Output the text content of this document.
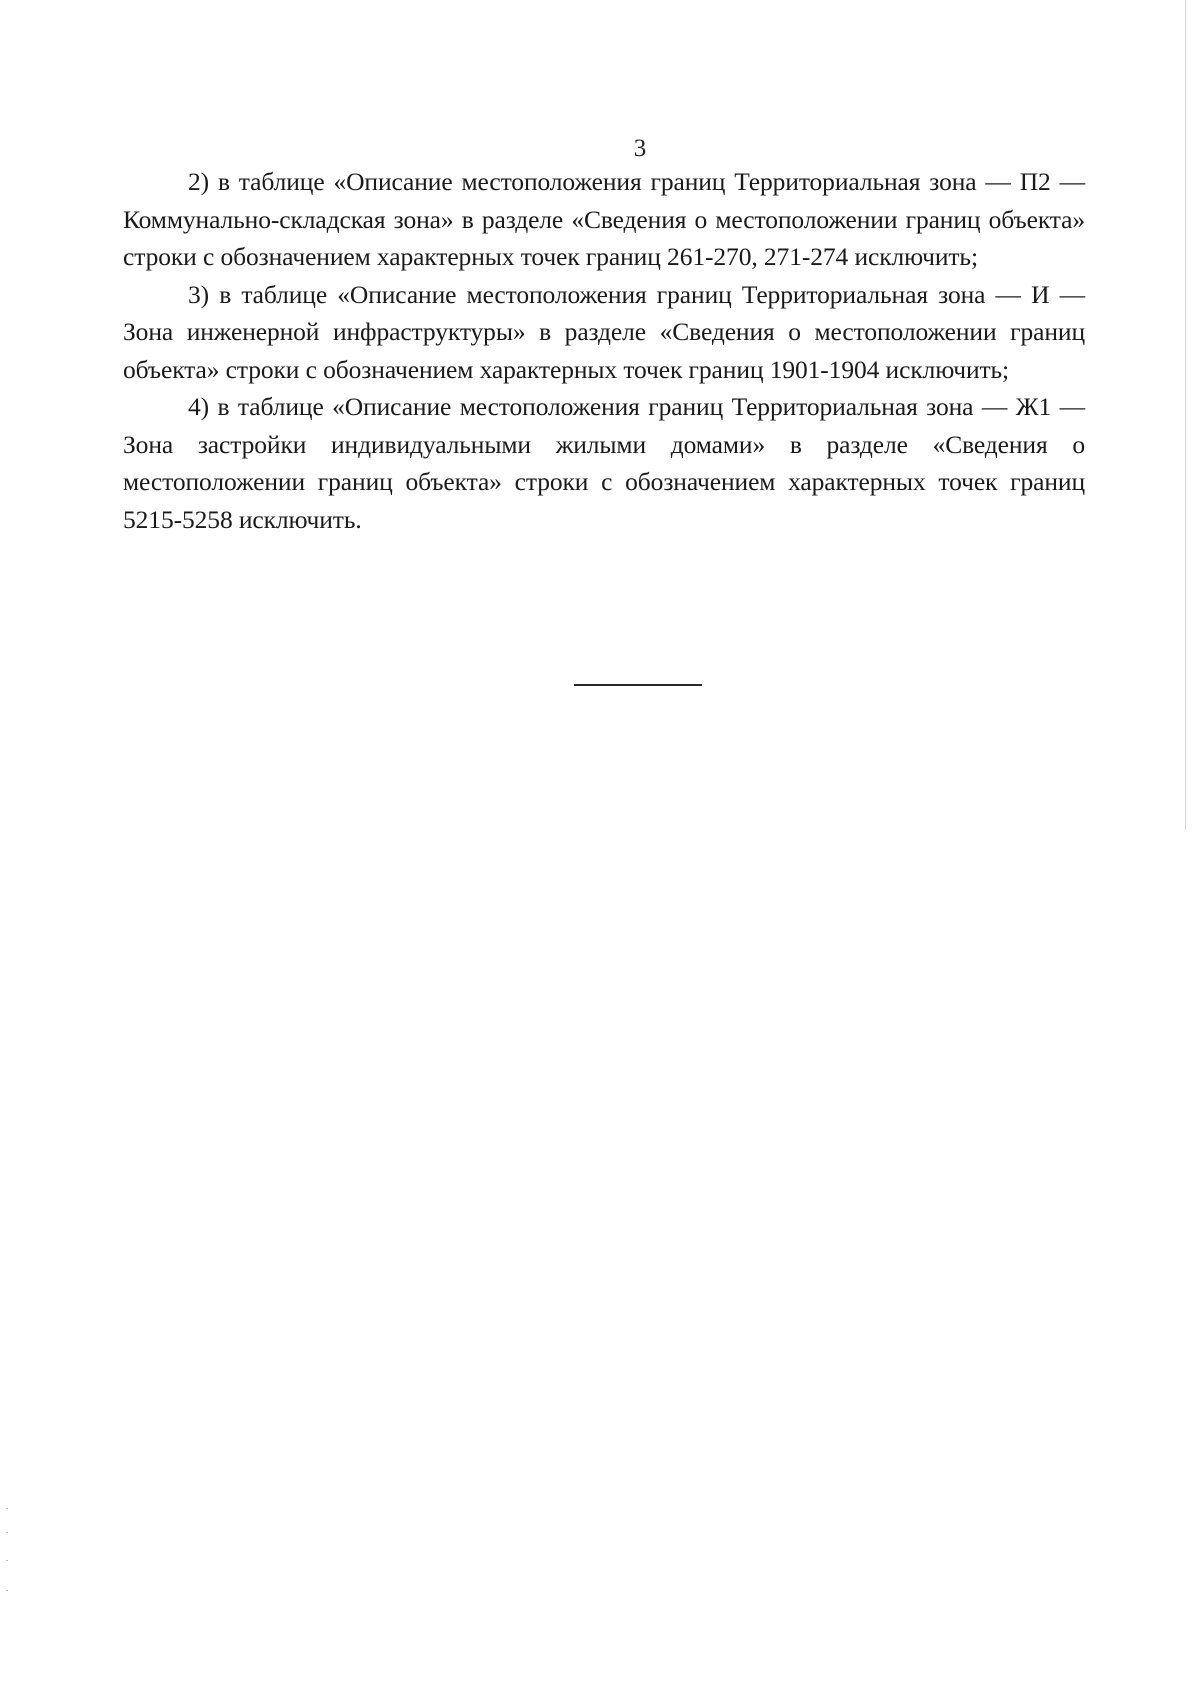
3

2) в таблице «Описание местоположения границ Территориальная зона — П2 — Коммунально-складская зона» в разделе «Сведения о местоположении границ объекта» строки с обозначением характерных точек границ 261-270, 271-274 исключить;

3) в таблице «Описание местоположения границ Территориальная зона — И — Зона инженерной инфраструктуры» в разделе «Сведения о местоположении границ объекта» строки с обозначением характерных точек границ 1901-1904 исключить;

4) в таблице «Описание местоположения границ Территориальная зона — Ж1 — Зона застройки индивидуальными жилыми домами» в разделе «Сведения о местоположении границ объекта» строки с обозначением характерных точек границ 5215-5258 исключить.
